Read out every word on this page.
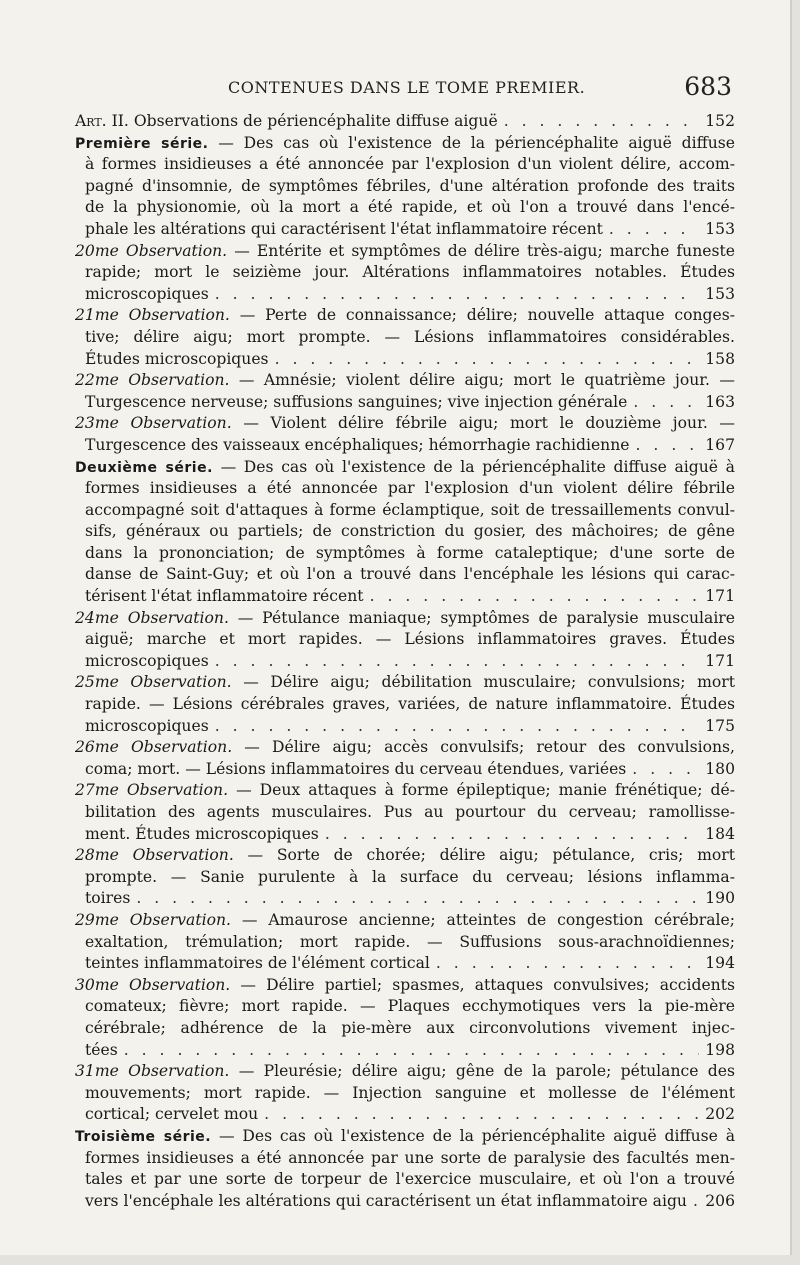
CONTENUES DANS LE TOME PREMIER.	683
Art. II. Observations de périencéphalite diffuse aiguë . . .	152
Première série. — Des cas où l'existence de la périencéphalite aiguë diffuse
à formes insidieuses a été annoncée par l'explosion d'un violent délire, accom-
pagné d'insomnie, de symptômes fébriles, d'une altération profonde des traits
de la physionomie, où la mort a été rapide, et où l'on a trouvé dans l'encé-
phale les altérations qui caractérisent l'état inflammatoire récent . . .	153
20me Observation. — Entérite et symptômes de délire très-aigu; marche funeste
rapide; mort le seizième jour. Altérations inflammatoires notables. Études
microscopiques . . .	153
21me Observation. — Perte de connaissance; délire; nouvelle attaque conges-
tive; délire aigu; mort prompte. — Lésions inflammatoires considérables.
Études microscopiques . . .	158
22me Observation. — Amnésie; violent délire aigu; mort le quatrième jour. —
Turgescence nerveuse; suffusions sanguines; vive injection générale . . .	163
23me Observation. — Violent délire fébrile aigu; mort le douzième jour. —
Turgescence des vaisseaux encéphaliques; hémorrhagie rachidienne . . .	167
Deuxième série. — Des cas où l'existence de la périencéphalite diffuse aiguë à
formes insidieuses a été annoncée par l'explosion d'un violent délire fébrile
accompagné soit d'attaques à forme éclamptique, soit de tressaillements convul-
sifs, généraux ou partiels; de constriction du gosier, des mâchoires; de gêne
dans la prononciation; de symptômes à forme cataleptique; d'une sorte de
danse de Saint-Guy; et où l'on a trouvé dans l'encéphale les lésions qui carac-
térisent l'état inflammatoire récent . . .	171
24me Observation. — Pétulance maniaque; symptômes de paralysie musculaire
aiguë; marche et mort rapides. — Lésions inflammatoires graves. Études
microscopiques . . .	171
25me Observation. — Délire aigu; débilitation musculaire; convulsions; mort
rapide. — Lésions cérébrales graves, variées, de nature inflammatoire. Études
microscopiques . . .	175
26me Observation. — Délire aigu; accès convulsifs; retour des convulsions,
coma; mort. — Lésions inflammatoires du cerveau étendues, variées . . .	180
27me Observation. — Deux attaques à forme épileptique; manie frénétique; dé-
bilitation des agents musculaires. Pus au pourtour du cerveau; ramollisse-
ment. Études microscopiques . . .	184
28me Observation. — Sorte de chorée; délire aigu; pétulance, cris; mort
prompte. — Sanie purulente à la surface du cerveau; lésions inflamma-
toires . . .	190
29me Observation. — Amaurose ancienne; atteintes de congestion cérébrale;
exaltation, trémulation; mort rapide. — Suffusions sous-arachnoïdiennes;
teintes inflammatoires de l'élément cortical . . .	194
30me Observation. — Délire partiel; spasmes, attaques convulsives; accidents
comateux; fièvre; mort rapide. — Plaques ecchymotiques vers la pie-mère
cérébrale; adhérence de la pie-mère aux circonvolutions vivement injec-
tées . . .	198
31me Observation. — Pleurésie; délire aigu; gêne de la parole; pétulance des
mouvements; mort rapide. — Injection sanguine et mollesse de l'élément
cortical; cervelet mou . . .	202
Troisième série. — Des cas où l'existence de la périencéphalite aiguë diffuse à
formes insidieuses a été annoncée par une sorte de paralysie des facultés men-
tales et par une sorte de torpeur de l'exercice musculaire, et où l'on a trouvé
vers l'encéphale les altérations qui caractérisent un état inflammatoire aigu . . . 206
